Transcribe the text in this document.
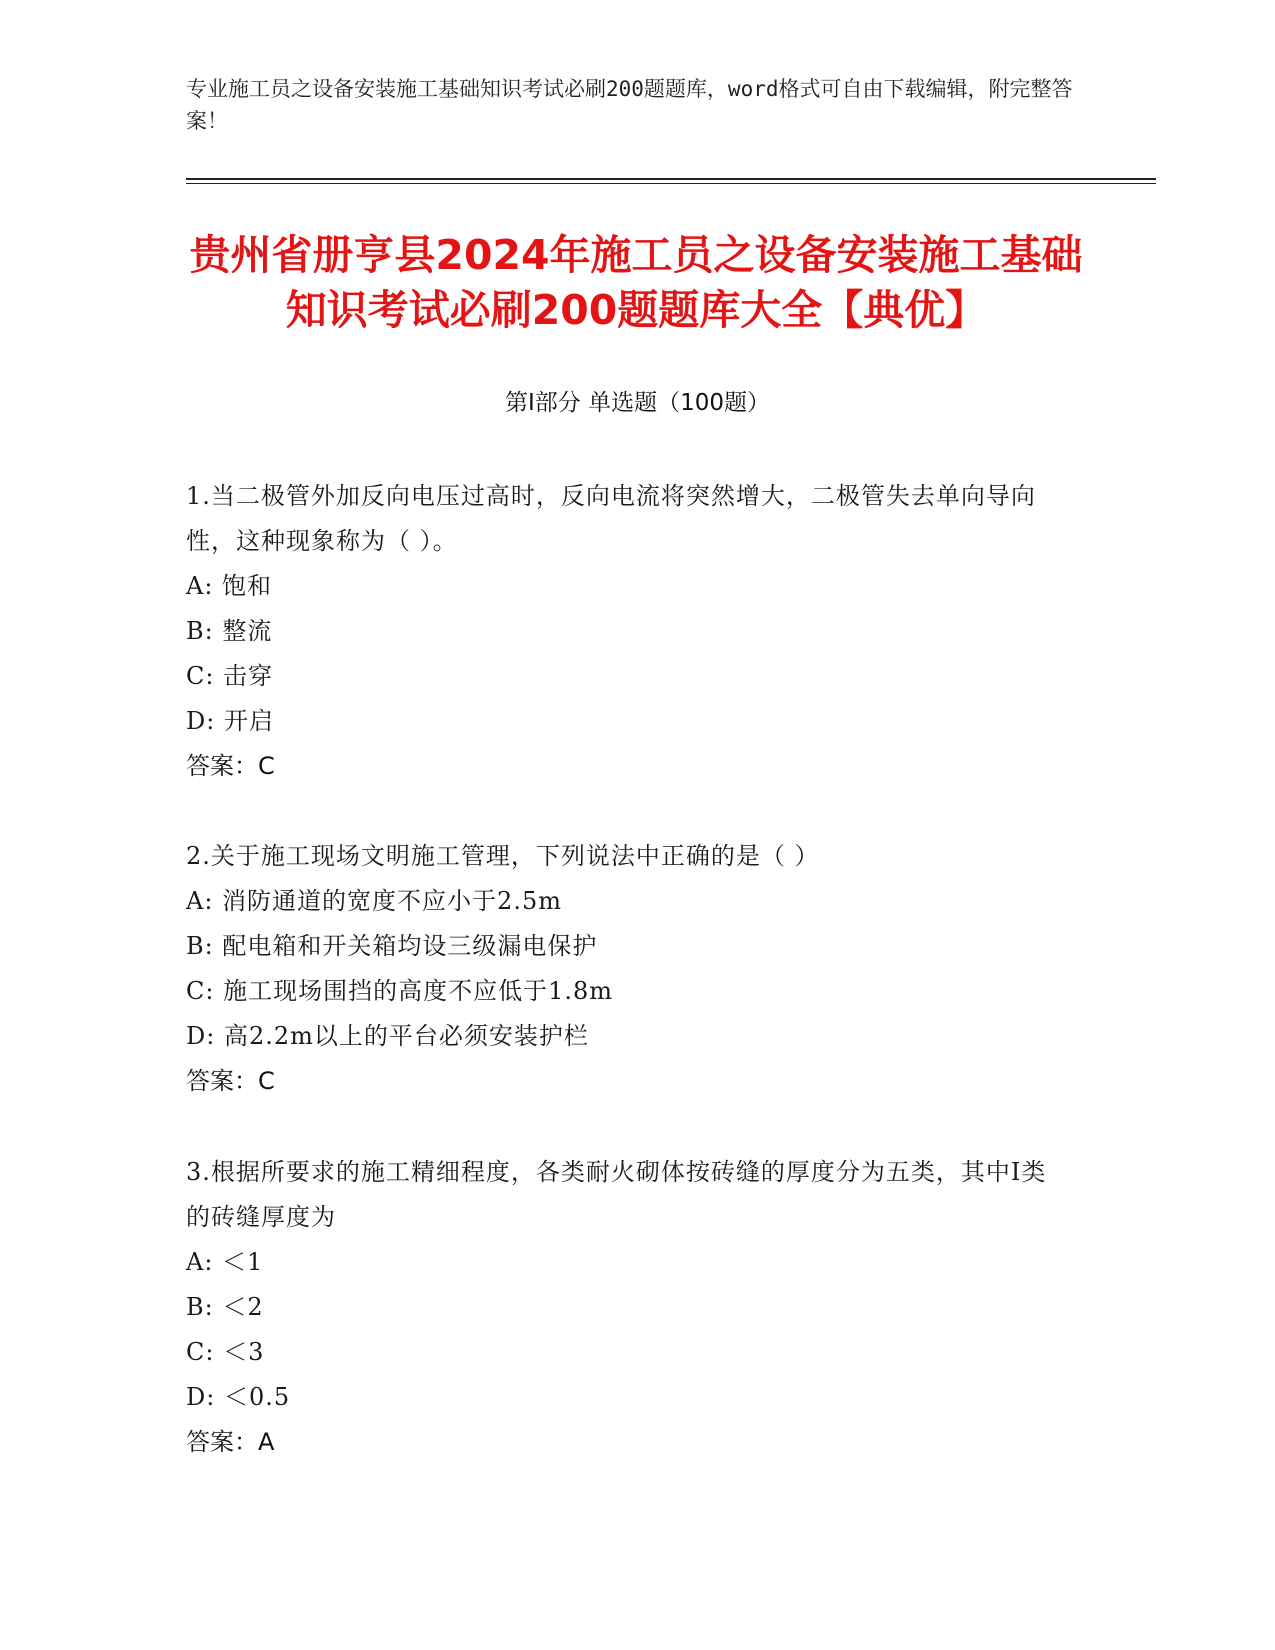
专业施工员之设备安装施工基础知识考试必刷200题题库，word格式可自由下载编辑，附完整答案！
贵州省册亨县2024年施工员之设备安装施工基础知识考试必刷200题题库大全【典优】
第Ⅰ部分 单选题（100题）
1.当二极管外加反向电压过高时，反向电流将突然增大，二极管失去单向导向性，这种现象称为（ ）。
A: 饱和
B: 整流
C: 击穿
D: 开启
答案：C
2.关于施工现场文明施工管理，下列说法中正确的是（ ）
A: 消防通道的宽度不应小于2.5m
B: 配电箱和开关箱均设三级漏电保护
C: 施工现场围挡的高度不应低于1.8m
D: 高2.2m以上的平台必须安装护栏
答案：C
3.根据所要求的施工精细程度，各类耐火砌体按砖缝的厚度分为五类，其中Ⅰ类的砖缝厚度为
A: ＜1
B: ＜2
C: ＜3
D: ＜0.5
答案：A
